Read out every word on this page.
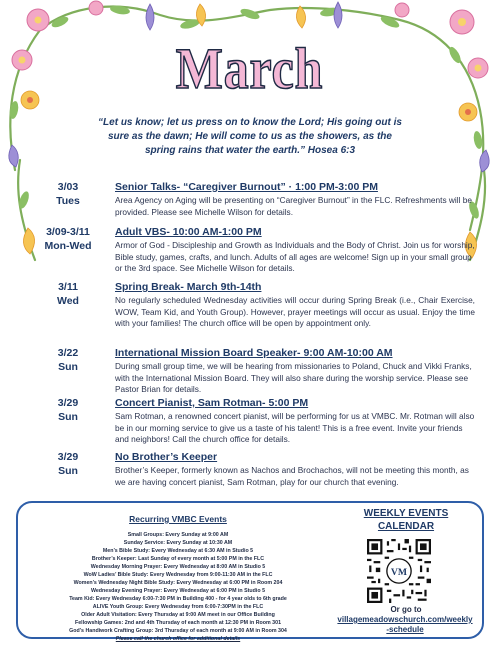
March
“Let us know; let us press on to know the Lord; His going out is sure as the dawn; He will come to us as the showers, as the spring rains that water the earth.” Hosea 6:3
3/03
Tues
Senior Talks- “Caregiver Burnout” · 1:00 PM-3:00 PM
Area Agency on Aging will be presenting on “Caregiver Burnout” in the FLC. Refreshments will be provided. Please see Michelle Wilson for details.
3/09-3/11
Mon-Wed
Adult VBS- 10:00 AM-1:00 PM
Armor of God - Discipleship and Growth as Individuals and the Body of Christ. Join us for worship, Bible study, games, crafts, and lunch. Adults of all ages are welcome! Sign up in your small group or the 3rd space. See Michelle Wilson for details.
3/11
Wed
Spring Break- March 9th-14th
No regularly scheduled Wednesday activities will occur during Spring Break (i.e., Chair Exercise, WOW, Team Kid, and Youth Group). However, prayer meetings will occur as usual. Enjoy the time with your families! The church office will be open by appointment only.
3/22
Sun
International Mission Board Speaker- 9:00 AM-10:00 AM
During small group time, we will be hearing from missionaries to Poland, Chuck and Vikki Franks, with the International Mission Board. They will also share during the worship service. Please see Pastor Brian for details.
3/29
Sun
Concert Pianist, Sam Rotman- 5:00 PM
Sam Rotman, a renowned concert pianist, will be performing for us at VMBC. Mr. Rotman will also be in our morning service to give us a taste of his talent! This is a free event. Invite your friends and neighbors! Call the church office for details.
3/29
Sun
No Brother’s Keeper
Brother’s Keeper, formerly known as Nachos and Brochachos, will not be meeting this month, as we are having concert pianist, Sam Rotman, play for our church that evening.
Recurring VMBC Events
Small Groups: Every Sunday at 9:00 AM
Sunday Service: Every Sunday at 10:30 AM
Men’s Bible Study: Every Wednesday at 6:30 AM in Studio 5
Brother’s Keeper: Last Sunday of every month at 5:00 PM in the FLC
Wednesday Morning Prayer: Every Wednesday at 8:00 AM in Studio 5
WoW Ladies’ Bible Study: Every Wednesday from 9:00-11:30 AM in the FLC
Women’s Wednesday Night Bible Study: Every Wednesday at 6:00 PM in Room 204
Wednesday Evening Prayer: Every Wednesday at 6:00 PM in Studio 5
Team Kid: Every Wednesday 6:00-7:30 PM in Building 400 - for 4 year olds to 6th grade
ALIVE Youth Group: Every Wednesday from 6:00-7:30PM in the FLC
Older Adult Visitation: Every Thursday at 9:00 AM meet in our Office Building
Fellowship Games: 2nd and 4th Thursday of each month at 12:30 PM in Room 301
God’s Handiwork Crafting Group: 3rd Thursday of each month at 9:00 AM in Room 304
Please call the church office for additional details
WEEKLY EVENTS
CALENDAR
VM
Or go to
villagemeadowschurch.com/weekly
-schedule
